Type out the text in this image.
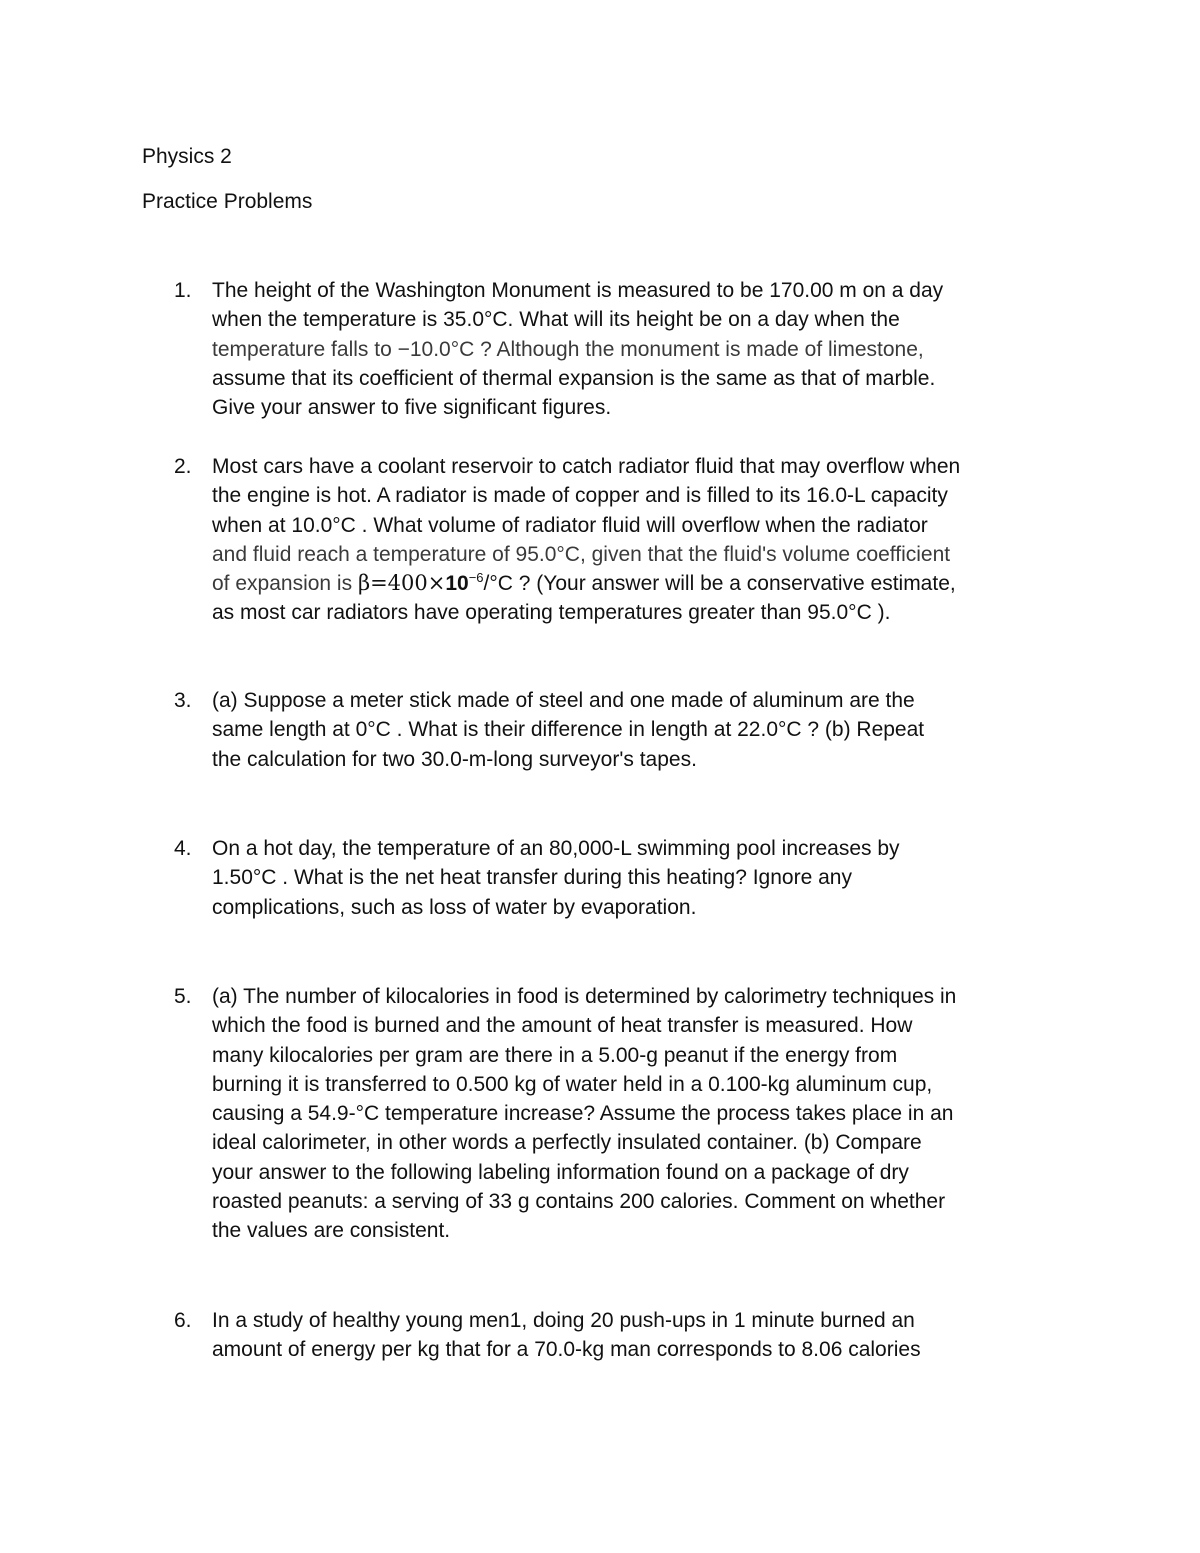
Physics 2
Practice Problems
1. The height of the Washington Monument is measured to be 170.00 m on a day
when the temperature is 35.0°C. What will its height be on a day when the
temperature falls to −10.0°C ? Although the monument is made of limestone,
assume that its coefficient of thermal expansion is the same as that of marble.
Give your answer to five significant figures.
2. Most cars have a coolant reservoir to catch radiator fluid that may overflow when
the engine is hot. A radiator is made of copper and is filled to its 16.0-L capacity
when at 10.0°C . What volume of radiator fluid will overflow when the radiator
and fluid reach a temperature of 95.0°C, given that the fluid's volume coefficient
of expansion is $\beta=400\times 10^{-6}/^\circ C$ ? (Your answer will be a conservative estimate,
as most car radiators have operating temperatures greater than 95.0°C ).
3. (a) Suppose a meter stick made of steel and one made of aluminum are the
same length at 0°C . What is their difference in length at 22.0°C ? (b) Repeat
the calculation for two 30.0-m-long surveyor's tapes.
4. On a hot day, the temperature of an 80,000-L swimming pool increases by
1.50°C . What is the net heat transfer during this heating? Ignore any
complications, such as loss of water by evaporation.
5. (a) The number of kilocalories in food is determined by calorimetry techniques in
which the food is burned and the amount of heat transfer is measured. How
many kilocalories per gram are there in a 5.00-g peanut if the energy from
burning it is transferred to 0.500 kg of water held in a 0.100-kg aluminum cup,
causing a 54.9-°C temperature increase? Assume the process takes place in an
ideal calorimeter, in other words a perfectly insulated container. (b) Compare
your answer to the following labeling information found on a package of dry
roasted peanuts: a serving of 33 g contains 200 calories. Comment on whether
the values are consistent.
6. In a study of healthy young men1, doing 20 push-ups in 1 minute burned an
amount of energy per kg that for a 70.0-kg man corresponds to 8.06 calories
